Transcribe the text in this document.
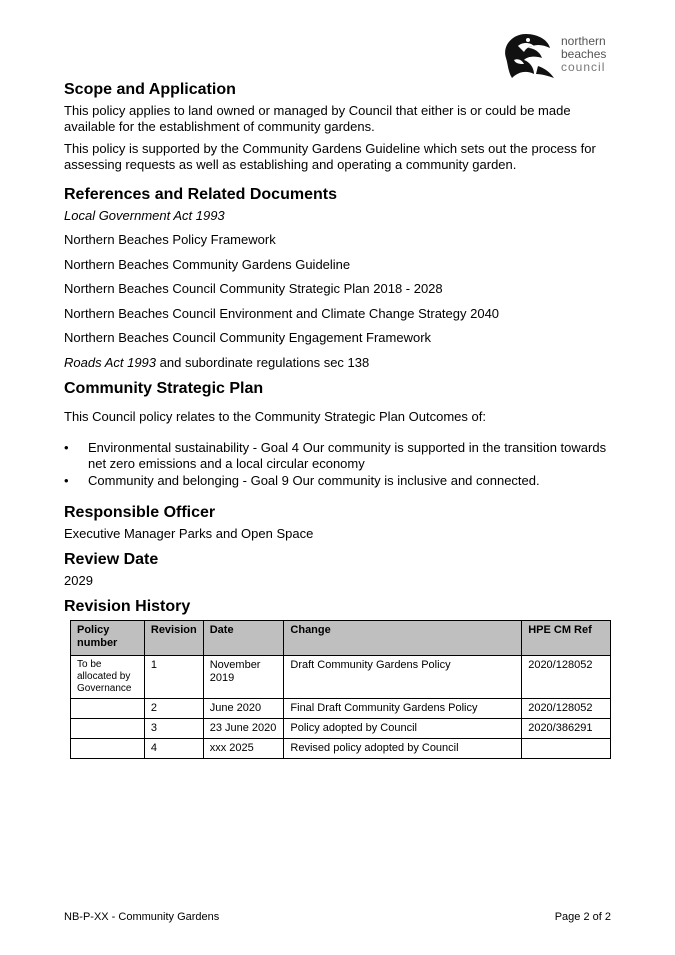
northern
beaches
council
Scope and Application

This policy applies to land owned or managed by Council that either is or could be made available for the establishment of community gardens.

This policy is supported by the Community Gardens Guideline which sets out the process for assessing requests as well as establishing and operating a community garden.

References and Related Documents

Local Government Act 1993

Northern Beaches Policy Framework

Northern Beaches Community Gardens Guideline

Northern Beaches Council Community Strategic Plan 2018 - 2028

Northern Beaches Council Environment and Climate Change Strategy 2040

Northern Beaches Council Community Engagement Framework

Roads Act 1993 and subordinate regulations sec 138

Community Strategic Plan

This Council policy relates to the Community Strategic Plan Outcomes of:

• Environmental sustainability - Goal 4 Our community is supported in the transition towards net zero emissions and a local circular economy
• Community and belonging - Goal 9 Our community is inclusive and connected.
Responsible Officer

Executive Manager Parks and Open Space

Review Date

2029

Revision History
Policy number	Revision	Date	Change	HPE CM Ref
To be allocated by Governance	1	November 2019	Draft Community Gardens Policy	2020/128052
	2	June 2020	Final Draft Community Gardens Policy	2020/128052
	3	23 June 2020	Policy adopted by Council	2020/386291
	4	xxx 2025	Revised policy adopted by Council	
NB-P-XX - Community Gardens	Page 2 of 2
